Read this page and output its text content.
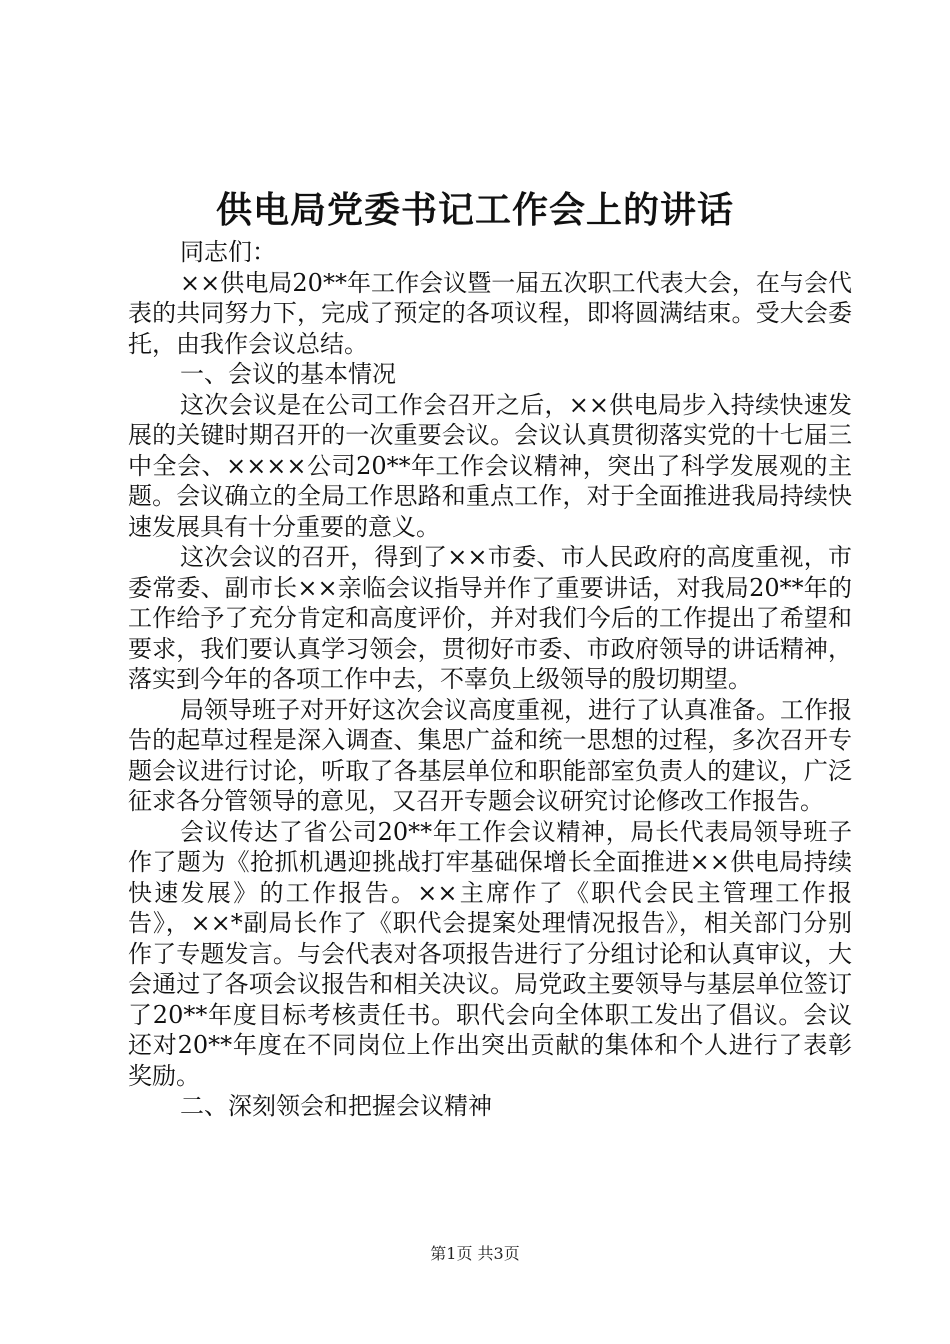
供电局党委书记工作会上的讲话

同志们：

××供电局20**年工作会议暨一届五次职工代表大会，在与会代表的共同努力下，完成了预定的各项议程，即将圆满结束。受大会委托，由我作会议总结。

一、会议的基本情况

这次会议是在公司工作会召开之后，××供电局步入持续快速发展的关键时期召开的一次重要会议。会议认真贯彻落实党的十七届三中全会、××××公司20**年工作会议精神，突出了科学发展观的主题。会议确立的全局工作思路和重点工作，对于全面推进我局持续快速发展具有十分重要的意义。

这次会议的召开，得到了××市委、市人民政府的高度重视，市委常委、副市长××亲临会议指导并作了重要讲话，对我局20**年的工作给予了充分肯定和高度评价，并对我们今后的工作提出了希望和要求，我们要认真学习领会，贯彻好市委、市政府领导的讲话精神，落实到今年的各项工作中去，不辜负上级领导的殷切期望。

局领导班子对开好这次会议高度重视，进行了认真准备。工作报告的起草过程是深入调查、集思广益和统一思想的过程，多次召开专题会议进行讨论，听取了各基层单位和职能部室负责人的建议，广泛征求各分管领导的意见，又召开专题会议研究讨论修改工作报告。

会议传达了省公司20**年工作会议精神，局长代表局领导班子作了题为《抢抓机遇迎挑战打牢基础保增长全面推进××供电局持续快速发展》的工作报告。××主席作了《职代会民主管理工作报告》，××*副局长作了《职代会提案处理情况报告》，相关部门分别作了专题发言。与会代表对各项报告进行了分组讨论和认真审议，大会通过了各项会议报告和相关决议。局党政主要领导与基层单位签订了20**年度目标考核责任书。职代会向全体职工发出了倡议。会议还对20**年度在不同岗位上作出突出贡献的集体和个人进行了表彰奖励。

二、深刻领会和把握会议精神

第1页 共3页
